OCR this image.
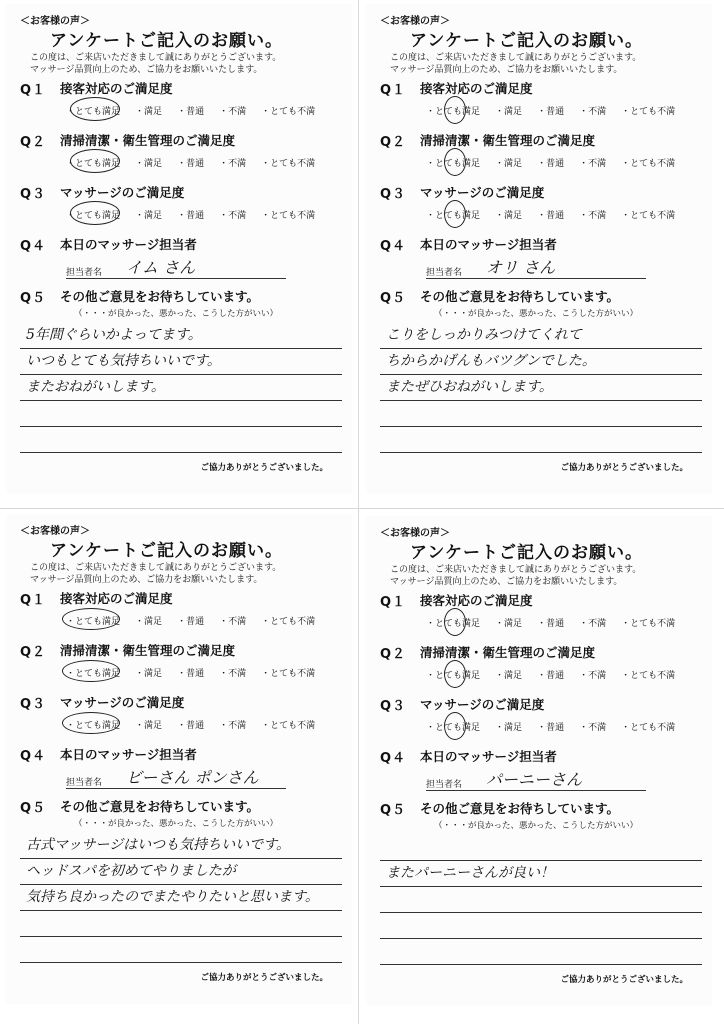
＜お客様の声＞
アンケートご記入のお願い。
この度は、ご来店いただきまして誠にありがとうございます。
マッサージ品質向上のため、ご協力をお願いいたします。
Q１	接客対応のご満足度
・ とても満足	・ 満足	・ 普通	・ 不満	・ とても不満
Q２	清掃清潔・衛生管理のご満足度
・ とても満足	・ 満足	・ 普通	・ 不満	・ とても不満
Q３	マッサージのご満足度
・ とても満足	・ 満足	・ 普通	・ 不満	・ とても不満
Q４	本日のマッサージ担当者
担当者名 イム さん
Q５	その他ご意見をお待ちしています。
（・・・が良かった、悪かった、こうした方がいい）
5年間ぐらいかよってます。
いつもとても気持ちいいです。
またおねがいします。
ご協力ありがとうございました。
＜お客様の声＞
アンケートご記入のお願い。
この度は、ご来店いただきまして誠にありがとうございます。
マッサージ品質向上のため、ご協力をお願いいたします。
Q１	接客対応のご満足度
・ とても満足	・ 満足	・ 普通	・ 不満	・ とても不満
Q２	清掃清潔・衛生管理のご満足度
・ とても満足	・ 満足	・ 普通	・ 不満	・ とても不満
Q３	マッサージのご満足度
・ とても満足	・ 満足	・ 普通	・ 不満	・ とても不満
Q４	本日のマッサージ担当者
担当者名 オリ さん
Q５	その他ご意見をお待ちしています。
（・・・が良かった、悪かった、こうした方がいい）
こりをしっかりみつけてくれて
ちからかげんもバツグンでした。
またぜひおねがいします。
ご協力ありがとうございました。
＜お客様の声＞
アンケートご記入のお願い。
この度は、ご来店いただきまして誠にありがとうございます。
マッサージ品質向上のため、ご協力をお願いいたします。
Q１	接客対応のご満足度
・ とても満足	・ 満足	・ 普通	・ 不満	・ とても不満
Q２	清掃清潔・衛生管理のご満足度
・ とても満足	・ 満足	・ 普通	・ 不満	・ とても不満
Q３	マッサージのご満足度
・ とても満足	・ 満足	・ 普通	・ 不満	・ とても不満
Q４	本日のマッサージ担当者
担当者名 ビーさん ポンさん
Q５	その他ご意見をお待ちしています。
（・・・が良かった、悪かった、こうした方がいい）
古式マッサージはいつも気持ちいいです。
ヘッドスパを初めてやりましたが
気持ち良かったのでまたやりたいと思います。
ご協力ありがとうございました。
＜お客様の声＞
アンケートご記入のお願い。
この度は、ご来店いただきまして誠にありがとうございます。
マッサージ品質向上のため、ご協力をお願いいたします。
Q１	接客対応のご満足度
・ とても満足	・ 満足	・ 普通	・ 不満	・ とても不満
Q２	清掃清潔・衛生管理のご満足度
・ とても満足	・ 満足	・ 普通	・ 不満	・ とても不満
Q３	マッサージのご満足度
・ とても満足	・ 満足	・ 普通	・ 不満	・ とても不満
Q４	本日のマッサージ担当者
担当者名 パーニーさん
Q５	その他ご意見をお待ちしています。
（・・・が良かった、悪かった、こうした方がいい）
またパーニーさんが良い！
ご協力ありがとうございました。
